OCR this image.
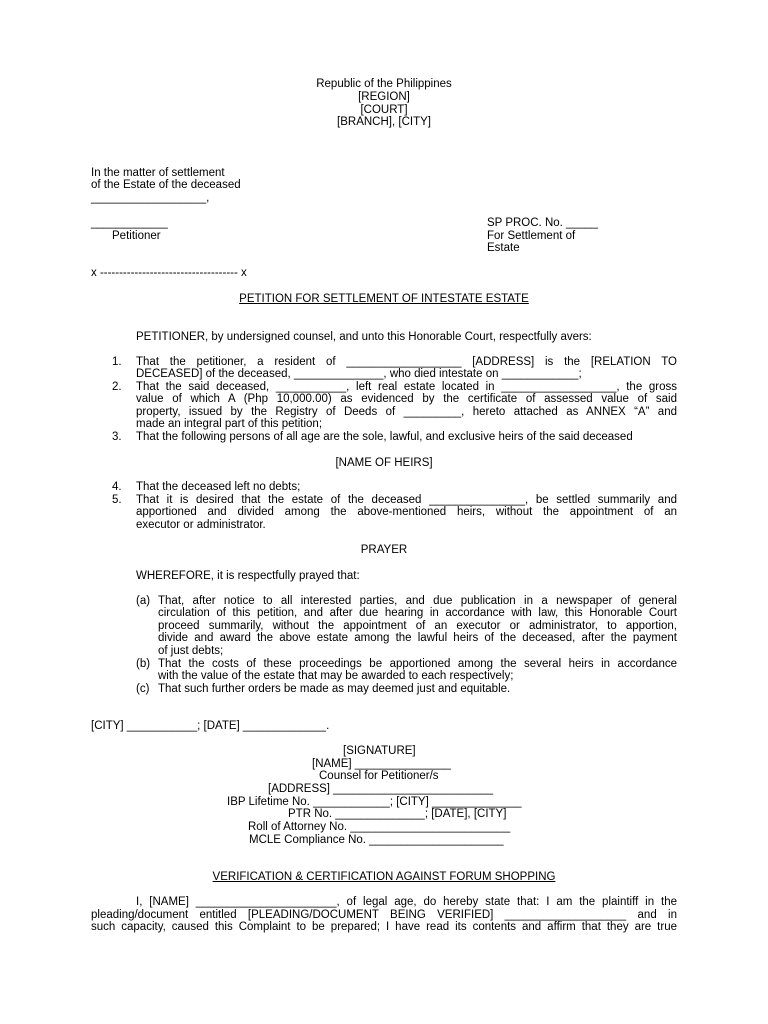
Republic of the Philippines
[REGION]
[COURT]
[BRANCH], [CITY]
In the matter of settlement
of the Estate of the deceased
__________________,
____________
Petitioner
SP PROC. No. _____
For Settlement of
Estate
x ------------------------------------ x
PETITION FOR SETTLEMENT OF INTESTATE ESTATE
PETITIONER, by undersigned counsel, and unto this Honorable Court, respectfully avers:
1. That the petitioner, a resident of __________________ [ADDRESS] is the [RELATION TO
DECEASED] of the deceased, ______________, who died intestate on ____________;
2. That the said deceased, ___________, left real estate located in __________________, the gross
value of which A (Php 10,000.00) as evidenced by the certificate of assessed value of said
property, issued by the Registry of Deeds of _________, hereto attached as ANNEX “A” and
made an integral part of this petition;
3. That the following persons of all age are the sole, lawful, and exclusive heirs of the said deceased
[NAME OF HEIRS]
4. That the deceased left no debts;
5. That it is desired that the estate of the deceased _______________, be settled summarily and
apportioned and divided among the above-mentioned heirs, without the appointment of an
executor or administrator.
PRAYER
WHEREFORE, it is respectfully prayed that:
(a) That, after notice to all interested parties, and due publication in a newspaper of general
circulation of this petition, and after due hearing in accordance with law, this Honorable Court
proceed summarily, without the appointment of an executor or administrator, to apportion,
divide and award the above estate among the lawful heirs of the deceased, after the payment
of just debts;
(b) That the costs of these proceedings be apportioned among the several heirs in accordance
with the value of the estate that may be awarded to each respectively;
(c) That such further orders be made as may deemed just and equitable.
[CITY] ___________; [DATE] _____________.
[SIGNATURE]
[NAME] _______________
Counsel for Petitioner/s
[ADDRESS] _________________________
IBP Lifetime No. ____________; [CITY] ______________
PTR No. ______________; [DATE], [CITY]
Roll of Attorney No. _________________________
MCLE Compliance No. _____________________
VERIFICATION & CERTIFICATION AGAINST FORUM SHOPPING
I, [NAME] ______________________, of legal age, do hereby state that: I am the plaintiff in the
pleading/document entitled [PLEADING/DOCUMENT BEING VERIFIED] ___________________ and in
such capacity, caused this Complaint to be prepared; I have read its contents and affirm that they are true
